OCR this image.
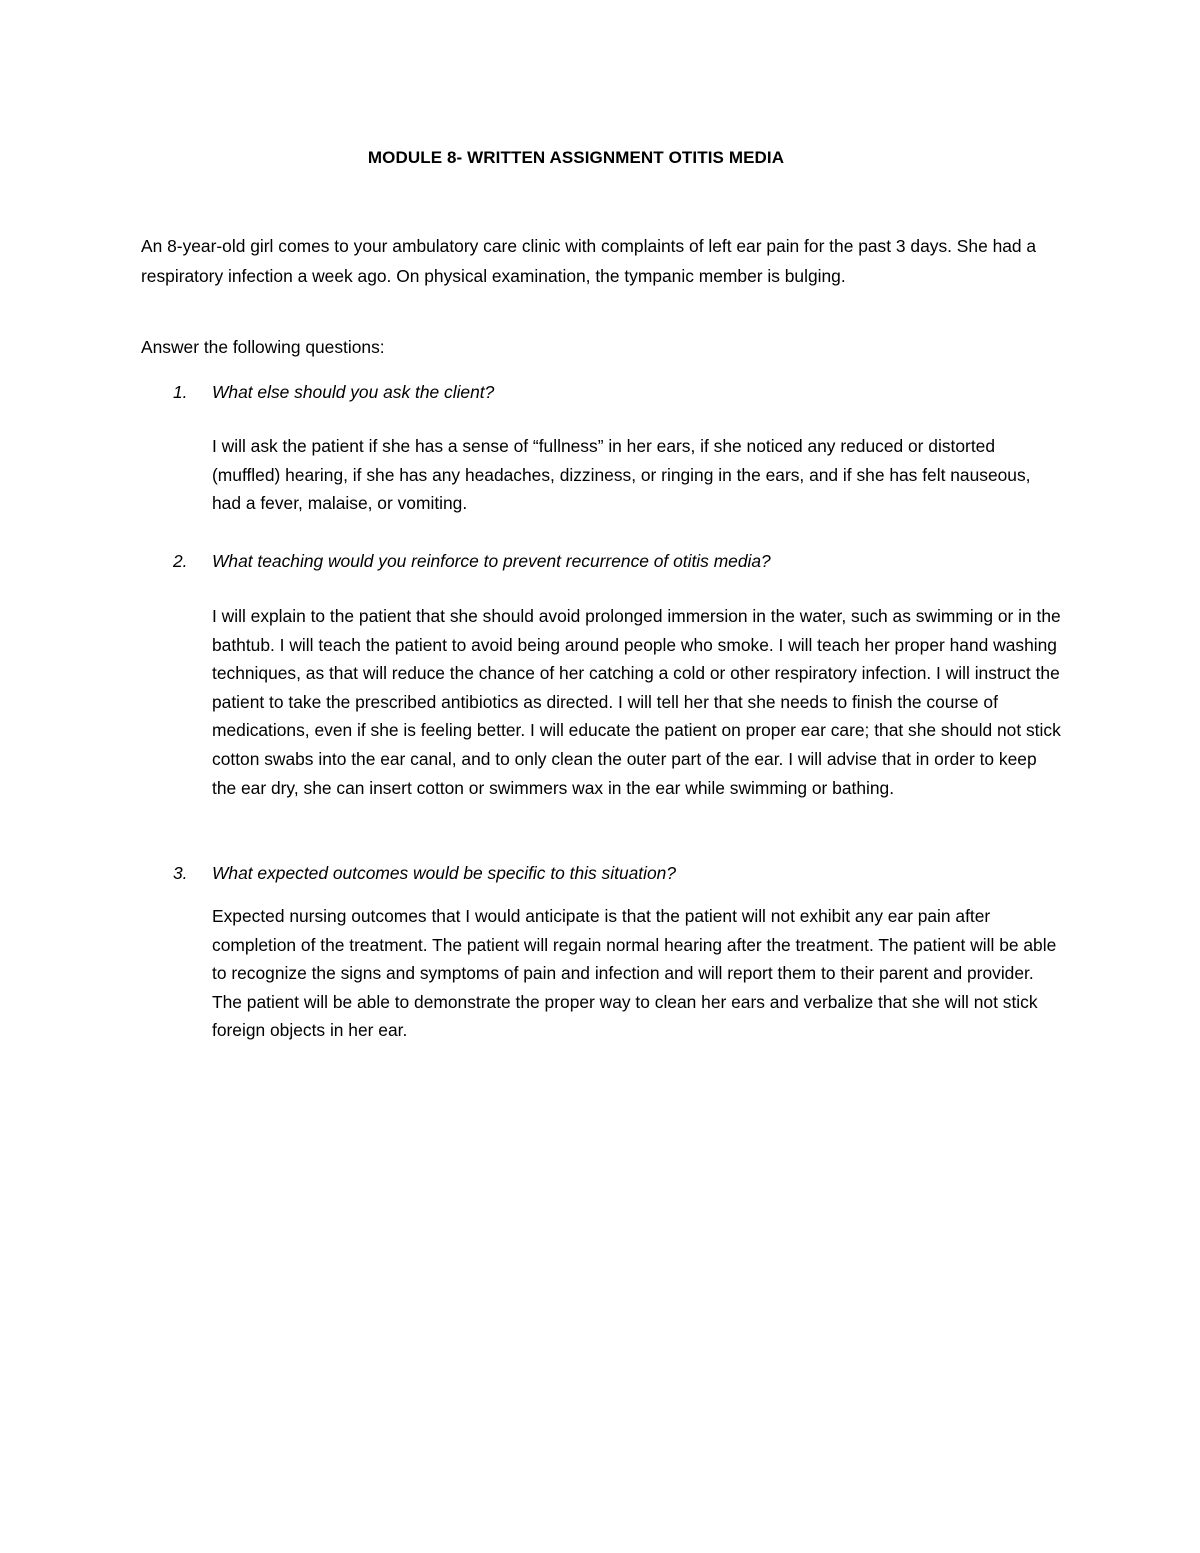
MODULE 8- WRITTEN ASSIGNMENT OTITIS MEDIA

An 8-year-old girl comes to your ambulatory care clinic with complaints of left ear pain for the past 3 days. She had a respiratory infection a week ago. On physical examination, the tympanic member is bulging.

Answer the following questions:

1. What else should you ask the client?

I will ask the patient if she has a sense of “fullness” in her ears, if she noticed any reduced or distorted (muffled) hearing, if she has any headaches, dizziness, or ringing in the ears, and if she has felt nauseous, had a fever, malaise, or vomiting.

2. What teaching would you reinforce to prevent recurrence of otitis media?

I will explain to the patient that she should avoid prolonged immersion in the water, such as swimming or in the bathtub. I will teach the patient to avoid being around people who smoke. I will teach her proper hand washing techniques, as that will reduce the chance of her catching a cold or other respiratory infection. I will instruct the patient to take the prescribed antibiotics as directed. I will tell her that she needs to finish the course of medications, even if she is feeling better. I will educate the patient on proper ear care; that she should not stick cotton swabs into the ear canal, and to only clean the outer part of the ear. I will advise that in order to keep the ear dry, she can insert cotton or swimmers wax in the ear while swimming or bathing.

3. What expected outcomes would be specific to this situation?

Expected nursing outcomes that I would anticipate is that the patient will not exhibit any ear pain after completion of the treatment. The patient will regain normal hearing after the treatment. The patient will be able to recognize the signs and symptoms of pain and infection and will report them to their parent and provider. The patient will be able to demonstrate the proper way to clean her ears and verbalize that she will not stick foreign objects in her ear.
